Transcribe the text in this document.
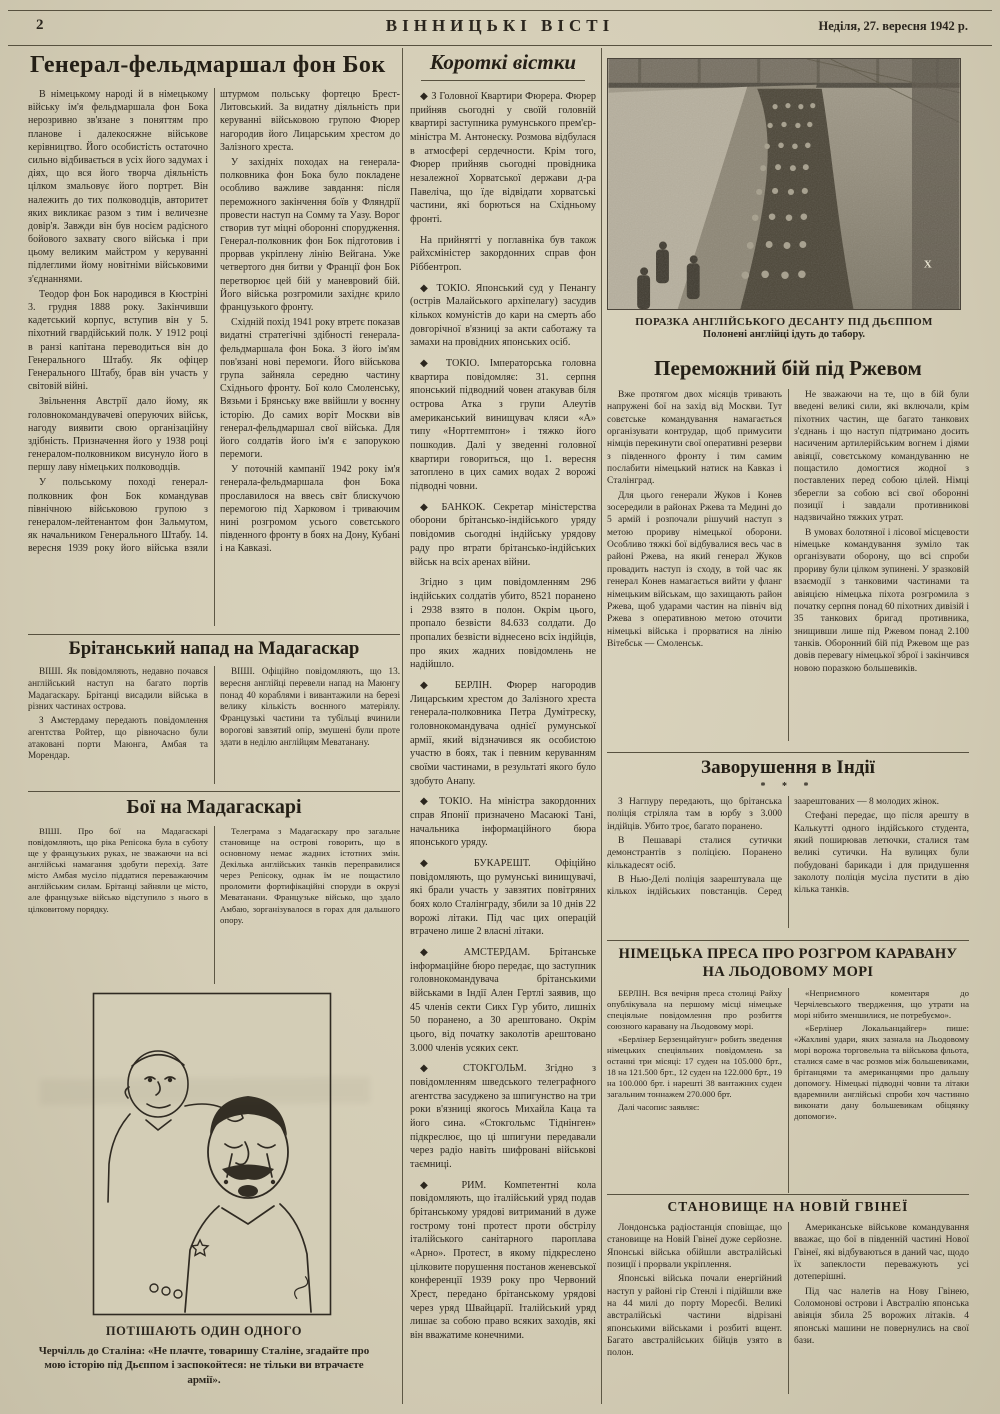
2	ВІННИЦЬКІ ВІСТІ	Неділя, 27. вересня 1942 р.
Генерал-фельдмаршал фон Бок

В німецькому народі й в німецькому війську ім'я фельдмаршала фон Бока нерозривно зв'язане з поняттям про планове і далекосяжне військове керівництво. Його особистість остаточно сильно відбивається в усіх його задумах і діях, що вся його творча діяльність цілком змальовує його портрет. Він належить до тих полководців, авторитет яких викликає разом з тим і величезне довір'я. Завжди він був носієм радісного бойового захвату свого війська і при цьому великим майстром у керуванні підлеглими йому новітніми військовими з'єднаннями.

Теодор фон Бок народився в Кюстріні 3. грудня 1888 року. Закінчивши кадетський корпус, вступив він у 5. піхотний гвардійський полк. У 1912 році в ранзі капітана переводиться він до Генерального Штабу. Як офіцер Генерального Штабу, брав він участь у світовій війні.

Звільнення Австрії дало йому, як головнокомандувачеві оперуючих військ, нагоду виявити свою організаційну здібність. Призначення його у 1938 році генералом-полковником висунуло його в першу лаву німецьких полководців.

У польському поході генерал-полковник фон Бок командував північною військовою групою з генералом-лейтенантом фон Зальмутом, як начальником Генерального Штабу. 14. вересня 1939 року його війська взяли штурмом польську фортецю Брест-Литовський. За видатну діяльність при керуванні військовою групою Фюрер нагородив його Лицарським хрестом до Залізного хреста.

У західніх походах на генерала-полковника фон Бока було покладене особливо важливе завдання: після переможного закінчення боїв у Фляндрії провести наступ на Сомму та Уазу. Ворог створив тут міцні оборонні спорудження. Генерал-полковник фон Бок підготовив і прорвав укріплену лінію Вейгана. Уже четвертого дня битви у Франції фон Бок перетворює цей бій у маневровий бій. Його війська розгромили західнє крило французького фронту.

Східній похід 1941 року втретє показав видатні стратегічні здібності генерала-фельдмаршала фон Бока. З його ім'ям пов'язані нові перемоги. Його військова група зайняла середню частину Східнього фронту. Бої коло Смоленську, Вязьми і Брянську вже ввійшли у воєнну історію. До самих воріт Москви вів генерал-фельдмаршал свої війська. Для його солдатів його ім'я є запорукою перемоги.

У поточній кампанії 1942 року ім'я генерала-фельдмаршала фон Бока прославилося на ввесь світ блискучою перемогою під Харковом і триваючим нині розгромом усього совєтського південного фронту в боях на Дону, Кубані і на Кавказі.

Короткі вістки

◆ З Головної Квартири Фюрера. Фюрер прийняв сьогодні у своїй головній квартирі заступника румунського прем'єр-міністра М. Антонеску. Розмова відбулася в атмосфері сердечности. Крім того, Фюрер прийняв сьогодні провідника незалежної Хорватської держави д-ра Павеліча, що їде відвідати хорватські частини, які борються на Східньому фронті.

На прийнятті у поглавніка був також райхсміністер закордонних справ фон Ріббентроп.

◆ ТОКІО. Японський суд у Пенангу (острів Малайського архіпелагу) засудив кількох комуністів до кари на смерть або довгорічної в'язниці за акти саботажу та замахи на провідних японських осіб.

◆ ТОКІО. Імператорська головна квартира повідомляє: 31. серпня японський підводний човен атакував біля острова Атка з групи Алеутів американський винищувач кляси «А» типу «Нортгемптон» і тяжко його пошкодив. Далі у зведенні головної квартири говориться, що 1. вересня затоплено в цих самих водах 2 ворожі підводні човни.

◆ БАНКОК. Секретар міністерства оборони брітансько-індійського уряду повідомив сьогодні індійську урядову раду про втрати брітансько-індійських військ на всіх аренах війни.

Згідно з цим повідомленням 296 індійських солдатів убито, 8521 поранено і 2938 взято в полон. Окрім цього, пропало безвісти 84.633 солдати. До пропалих безвісти віднесено всіх індійців, про яких жадних повідомлень не надійшло.

◆ БЕРЛІН. Фюрер нагородив Лицарським хрестом до Залізного хреста генерала-полковника Петра Думітреску, головнокомандувача однієї румунської армії, який відзначився як особистою участю в боях, так і певним керуванням своїми частинами, в результаті якого було здобуто Анапу.

◆ ТОКІО. На міністра закордонних справ Японії призначено Масаюкі Тані, начальника інформаційного бюра японського уряду.

◆ БУКАРЕШТ. Офіційно повідомляють, що румунські винищувачі, які брали участь у завзятих повітряних боях коло Сталінграду, збили за 10 днів 22 ворожі літаки. Під час цих операцій втрачено лише 2 власні літаки.

◆ АМСТЕРДАМ. Брітанське інформаційне бюро передає, що заступник головнокомандувача брітанськими військами в Індії Ален Гертлі заявив, що 45 членів секти Сикх Гур убито, лишніх 50 поранено, а 30 арештовано. Окрім цього, від початку заколотів арештовано 3.000 членів усяких сект.

◆ СТОКГОЛЬМ. Згідно з повідомленням шведського телеграфного агентства засуджено за шпигунство на три роки в'язниці якогось Михайла Каца та його сина. «Стокгольмс Тіднінген» підкреслює, що ці шпигуни передавали через радіо навіть шифровані військові таємниці.

◆ РИМ. Компетентні кола повідомляють, що італійський уряд подав брітанському урядові витриманий в дуже гострому тоні протест проти обстрілу італійського санітарного пароплава «Арно». Протест, в якому підкреслено цілковите порушення постанов женевської конференції 1939 року про Червоний Хрест, передано брітанському урядові через уряд Швайцарії. Італійський уряд лишає за собою право всяких заходів, які він вважатиме конечними.

X
ПОРАЗКА АНГЛІЙСЬКОГО ДЕСАНТУ ПІД ДЬЄППОМ
Полонені англійці ідуть до табору.
Переможний бій під Ржевом

Вже протягом двох місяців тривають напружені бої на захід від Москви. Тут совєтське командування намагається організувати контрудар, щоб примусити німців перекинути свої оперативні резерви з південного фронту і тим самим послабити німецький натиск на Кавказ і Сталінград.

Для цього генерали Жуков і Конев зосередили в районах Ржева та Медині до 5 армій і розпочали рішучий наступ з метою прориву німецької оборони. Особливо тяжкі бої відбувалися весь час в районі Ржева, на який генерал Жуков провадить наступ із сходу, в той час як генерал Конев намагається вийти у фланг німецьким військам, що захищають район Ржева, щоб ударами частин на північ від Ржева з оперативною метою оточити німецькі війська і прорватися на лінію Вітебськ — Смоленськ.

Не зважаючи на те, що в бій були введені великі сили, які включали, крім піхотних частин, ще багато танкових з'єднань і що наступ підтримано досить насиченим артилерійським вогнем і діями авіяції, совєтському командуванню не пощастило домогтися жодної з поставлених перед собою цілей. Німці зберегли за собою всі свої оборонні позиції і завдали противникові надзвичайно тяжких утрат.

В умовах болотяної і лісової місцевости німецьке командування зуміло так організувати оборону, що всі спроби прориву були цілком зупинені. У зразковій взаємодії з танковими частинами та авіяцією німецька піхота розгромила з початку серпня понад 60 піхотних дивізій і 35 танкових бригад противника, знищивши лише під Ржевом понад 2.100 танків. Оборонний бій під Ржевом ще раз довів перевагу німецької зброї і закінчився новою поразкою большевиків.

Брітанський напад на Мадагаскар

ВІШІ. Як повідомляють, недавно почався англійський наступ на багато портів Мадагаскару. Брітанці висадили війська в різних частинах острова.

З Амстердаму передають повідомлення агентства Ройтер, що рівночасно були атаковані порти Маюнга, Амбая та Морендар.

ВІШІ. Офіційно повідомляють, що 13. вересня англійці перевели напад на Маюнгу понад 40 кораблями і вивантажили на березі велику кількість воєнного матеріялу. Французькі частини та тубільці вчинили ворогові завзятий опір, змушені були проте здати в неділю англійцям Меватанану.

Бої на Мадагаскарі

ВІШІ. Про бої на Мадагаскарі повідомляють, що ріка Репісока була в суботу ще у французьких руках, не зважаючи на всі англійські намагання здобути перехід. Зате місто Амбая мусіло піддатися переважаючим англійським силам. Брітанці зайняли це місто, але французьке військо відступило з нього в цілковитому порядку.

Телеграма з Мадагаскару про загальне становище на острові говорить, що в основному немає жадних істотних змін. Декілька англійських танків переправилися через Репісоку, однак їм не пощастило проломити фортифікаційні споруди в окрузі Меватанани. Французьке військо, що здало Амбаю, зорганізувалося в горах для дальшого опору.

ПОТІШАЮТЬ ОДИН ОДНОГО
Черчілль до Сталіна: «Не плачте, товаришу Сталіне, згадайте про мою історію під Дьєппом і заспокойтеся: не тільки ви втрачаєте армії».
Заворушення в Індії
* * *

З Нагпуру передають, що брітанська поліція стріляла там в юрбу з 3.000 індійців. Убито троє, багато поранено.

В Пешаварі сталися сутички демонстрантів з поліцією. Поранено кількадесят осіб.

В Нью-Делі поліція заарештувала ще кількох індійських повстанців. Серед заарештованих — 8 молодих жінок.

Стефані передає, що після арешту в Калькутті одного індійського студента, який поширював летючки, сталися там великі сутички. На вулицях були побудовані барикади і для придушення заколоту поліція мусіла пустити в дію кілька танків.

НІМЕЦЬКА ПРЕСА ПРО РОЗГРОМ КАРАВАНУ НА ЛЬОДОВОМУ МОРІ

БЕРЛІН. Вся вечірня преса столиці Райху опублікувала на першому місці німецьке спеціяльне повідомлення про розбиття союзного каравану на Льодовому морі.

«Берлінер Берзенцайтунг» робить зведення німецьких спеціяльних повідомлень за останні три місяці: 17 суден на 105.000 брт., 18 на 121.500 брт., 12 суден на 122.000 брт., 19 на 100.000 брт. і нарешті 38 вантажних суден загальним тоннажем 270.000 брт.

Далі часопис заявляє:

«Неприємного коментаря до Черчілевського твердження, що утрати на морі нібито зменшилися, не потребуємо».

«Берлінер Локальанцайгер» пише: «Жахливі удари, яких зазнала на Льодовому морі ворожа торговельна та військова фльота, сталися саме в час розмов між большевиками, брітанцями та американцями про дальшу допомогу. Німецькі підводні човни та літаки вдаремнили англійські спроби хоч частинно виконати дану большевикам обіцянку допомоги».

СТАНОВИЩЕ НА НОВІЙ ГВІНЕЇ

Лондонська радіостанція сповіщає, що становище на Новій Гвінеї дуже серйозне. Японські війська обійшли австралійські позиції і прорвали укріплення.

Японські війська почали енергійний наступ у районі гір Стенлі і підійшли вже на 44 милі до порту Моресбі. Великі австралійські частини відрізані японськими військами і розбиті вщент. Багато австралійських бійців узято в полон.

Американське військове командування вважає, що бої в південній частині Нової Гвінеї, які відбуваються в даний час, щодо їх запеклости переважують усі дотеперішні.

Під час налетів на Нову Гвінею, Соломонові острови і Австралію японська авіяція збила 25 ворожих літаків. 4 японські машини не повернулись на свої бази.
